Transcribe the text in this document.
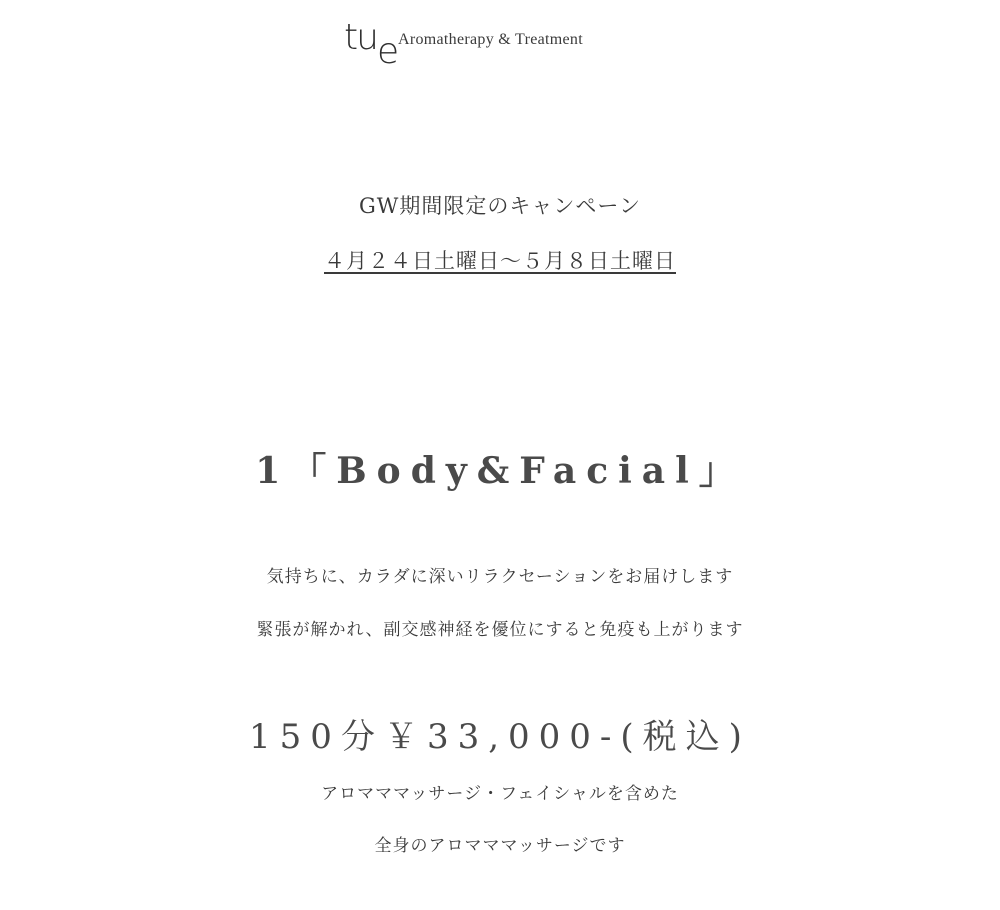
tue Aromatherapy & Treatment
GW期間限定のキャンペーン
４月２４日土曜日〜５月８日土曜日
1「Body&Facial」
気持ちに、カラダに深いリラクセーションをお届けします
緊張が解かれ、副交感神経を優位にすると免疫も上がります
150分￥33,000-(税込)
アロマママッサージ・フェイシャルを含めた
全身のアロマママッサージです
